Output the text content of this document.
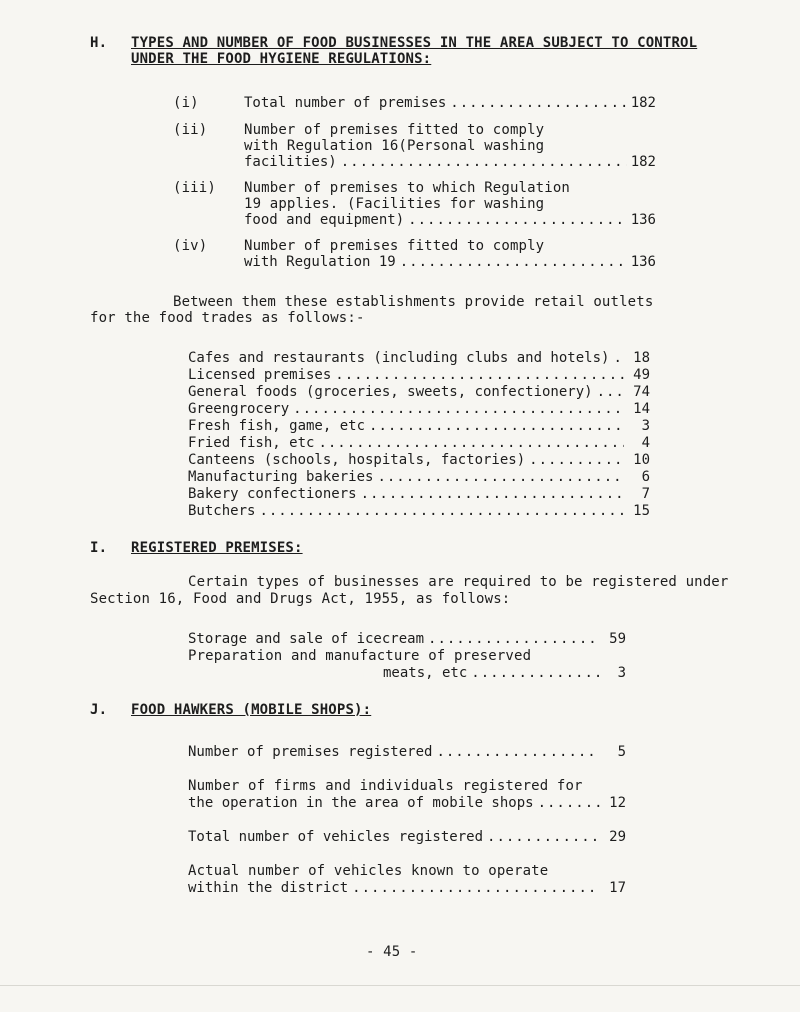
H. TYPES AND NUMBER OF FOOD BUSINESSES IN THE AREA SUBJECT TO CONTROL
UNDER THE FOOD HYGIENE REGULATIONS:
(i)	Total number of premises .....	182
(ii)	Number of premises fitted to comply
with Regulation 16(Personal washing
facilities) .....	182
(iii) Number of premises to which Regulation
19 applies. (Facilities for washing
food and equipment) .....	136
(iv)	Number of premises fitted to comply
with Regulation 19 .....	136
Between them these establishments provide retail outlets
for the food trades as follows:-
Cafes and restaurants (including clubs and hotels) .....	18
Licensed premises .....	49
General foods (groceries, sweets, confectionery) .....	74
Greengrocery .....	14
Fresh fish, game, etc .....	3
Fried fish, etc .....	4
Canteens (schools, hospitals, factories) .....	10
Manufacturing bakeries .....	6
Bakery confectioners .....	7
Butchers .....	15
I. REGISTERED PREMISES:
Certain types of businesses are required to be registered under
Section 16, Food and Drugs Act, 1955, as follows:
Storage and sale of icecream .....	59
Preparation and manufacture of preserved
meats, etc .....	3
J. FOOD HAWKERS (MOBILE SHOPS):
Number of premises registered .....	5
Number of firms and individuals registered for
the operation in the area of mobile shops .....	12
Total number of vehicles registered .....	29
Actual number of vehicles known to operate
within the district .....	17
- 45 -
